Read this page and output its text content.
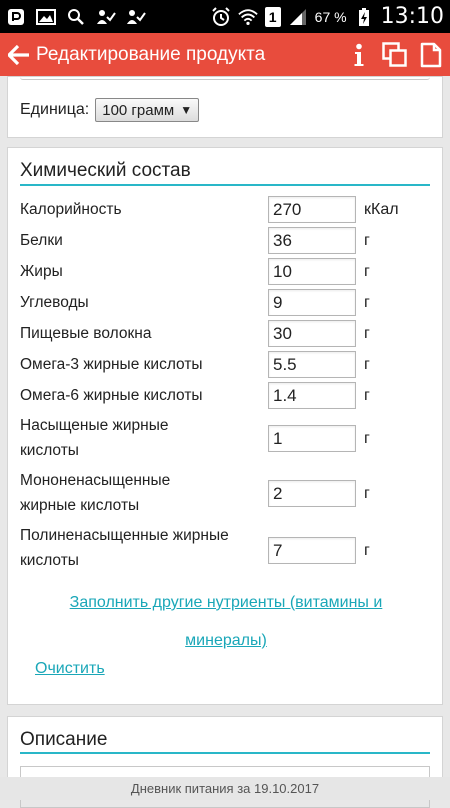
1	67 % 13:10
Редактирование продукта
Единица: 100 грамм ▼
Химический состав
Калорийность	270	кКал
Белки	36	г
Жиры	10	г
Углеводы	9	г
Пищевые волокна	30	г
Омега-3 жирные кислоты	5.5	г
Омега-6 жирные кислоты	1.4	г
Насыщеные жирные
кислоты
1	г
Мононенасыщенные
жирные кислоты
2	г
Полиненасыщенные жирные
кислоты
7	г
Заполнить другие нутриенты (витамины и
минералы)
Очистить
Описание
Дневник питания за 19.10.2017
